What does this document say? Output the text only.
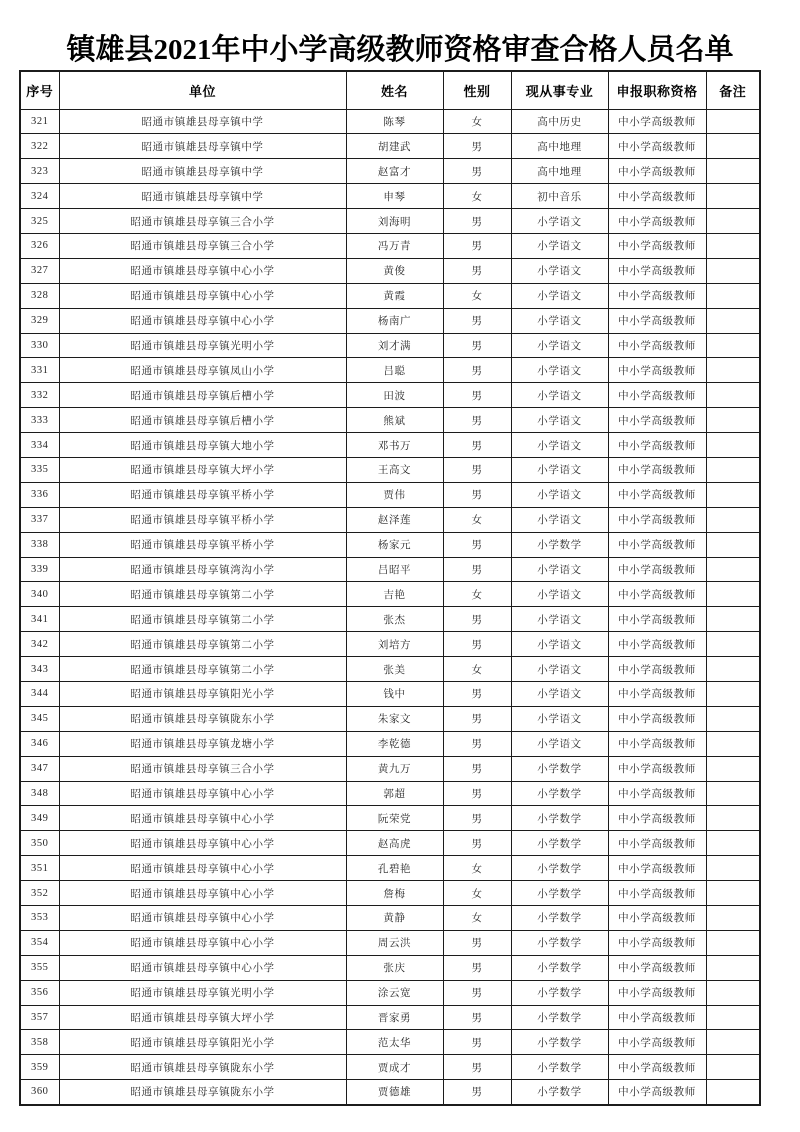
镇雄县2021年中小学高级教师资格审查合格人员名单
序号	单位	姓名	性别	现从事专业	申报职称资格	备注
321	昭通市镇雄县母享镇中学	陈琴	女	高中历史	中小学高级教师	
322	昭通市镇雄县母享镇中学	胡建武	男	高中地理	中小学高级教师	
323	昭通市镇雄县母享镇中学	赵富才	男	高中地理	中小学高级教师	
324	昭通市镇雄县母享镇中学	申琴	女	初中音乐	中小学高级教师	
325	昭通市镇雄县母享镇三合小学	刘海明	男	小学语文	中小学高级教师	
326	昭通市镇雄县母享镇三合小学	冯万青	男	小学语文	中小学高级教师	
327	昭通市镇雄县母享镇中心小学	黄俊	男	小学语文	中小学高级教师	
328	昭通市镇雄县母享镇中心小学	黄霞	女	小学语文	中小学高级教师	
329	昭通市镇雄县母享镇中心小学	杨南广	男	小学语文	中小学高级教师	
330	昭通市镇雄县母享镇光明小学	刘才满	男	小学语文	中小学高级教师	
331	昭通市镇雄县母享镇凤山小学	吕聪	男	小学语文	中小学高级教师	
332	昭通市镇雄县母享镇后槽小学	田波	男	小学语文	中小学高级教师	
333	昭通市镇雄县母享镇后槽小学	熊斌	男	小学语文	中小学高级教师	
334	昭通市镇雄县母享镇大地小学	邓书万	男	小学语文	中小学高级教师	
335	昭通市镇雄县母享镇大坪小学	王高文	男	小学语文	中小学高级教师	
336	昭通市镇雄县母享镇平桥小学	贾伟	男	小学语文	中小学高级教师	
337	昭通市镇雄县母享镇平桥小学	赵泽莲	女	小学语文	中小学高级教师	
338	昭通市镇雄县母享镇平桥小学	杨家元	男	小学数学	中小学高级教师	
339	昭通市镇雄县母享镇湾沟小学	吕昭平	男	小学语文	中小学高级教师	
340	昭通市镇雄县母享镇第二小学	吉艳	女	小学语文	中小学高级教师	
341	昭通市镇雄县母享镇第二小学	张杰	男	小学语文	中小学高级教师	
342	昭通市镇雄县母享镇第二小学	刘培方	男	小学语文	中小学高级教师	
343	昭通市镇雄县母享镇第二小学	张美	女	小学语文	中小学高级教师	
344	昭通市镇雄县母享镇阳光小学	钱中	男	小学语文	中小学高级教师	
345	昭通市镇雄县母享镇陇东小学	朱家文	男	小学语文	中小学高级教师	
346	昭通市镇雄县母享镇龙塘小学	李乾德	男	小学语文	中小学高级教师	
347	昭通市镇雄县母享镇三合小学	黄九万	男	小学数学	中小学高级教师	
348	昭通市镇雄县母享镇中心小学	郭超	男	小学数学	中小学高级教师	
349	昭通市镇雄县母享镇中心小学	阮荣党	男	小学数学	中小学高级教师	
350	昭通市镇雄县母享镇中心小学	赵高虎	男	小学数学	中小学高级教师	
351	昭通市镇雄县母享镇中心小学	孔碧艳	女	小学数学	中小学高级教师	
352	昭通市镇雄县母享镇中心小学	詹梅	女	小学数学	中小学高级教师	
353	昭通市镇雄县母享镇中心小学	黄静	女	小学数学	中小学高级教师	
354	昭通市镇雄县母享镇中心小学	周云洪	男	小学数学	中小学高级教师	
355	昭通市镇雄县母享镇中心小学	张庆	男	小学数学	中小学高级教师	
356	昭通市镇雄县母享镇光明小学	涂云宽	男	小学数学	中小学高级教师	
357	昭通市镇雄县母享镇大坪小学	晋家勇	男	小学数学	中小学高级教师	
358	昭通市镇雄县母享镇阳光小学	范太华	男	小学数学	中小学高级教师	
359	昭通市镇雄县母享镇陇东小学	贾成才	男	小学数学	中小学高级教师	
360	昭通市镇雄县母享镇陇东小学	贾德雄	男	小学数学	中小学高级教师	
